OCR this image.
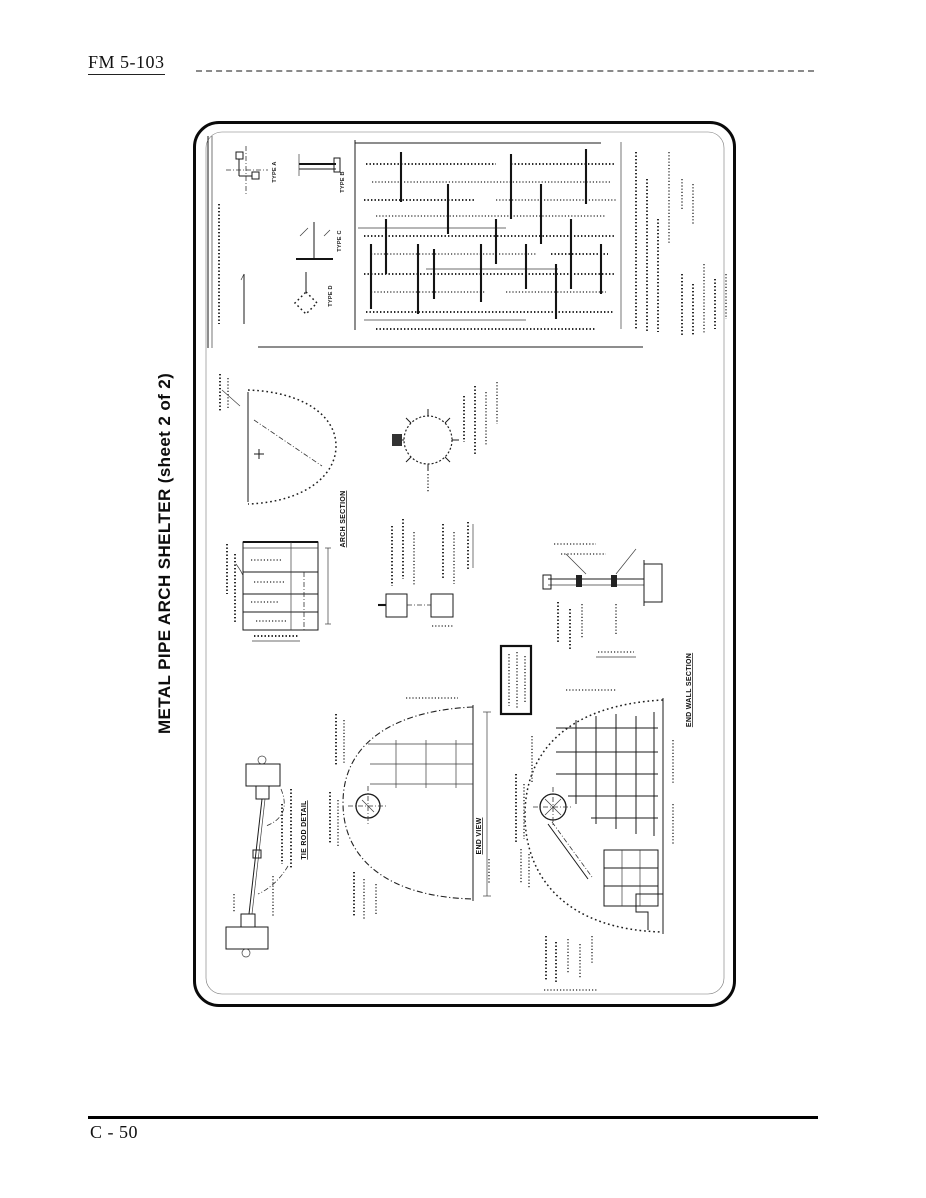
FM 5-103
METAL PIPE ARCH SHELTER (sheet 2 of 2)
TYPE A	TYPE B
TYPE C
TYPE D
ARCH SECTION
TIE ROD DETAIL	END VIEW
END WALL SECTION
C - 50
